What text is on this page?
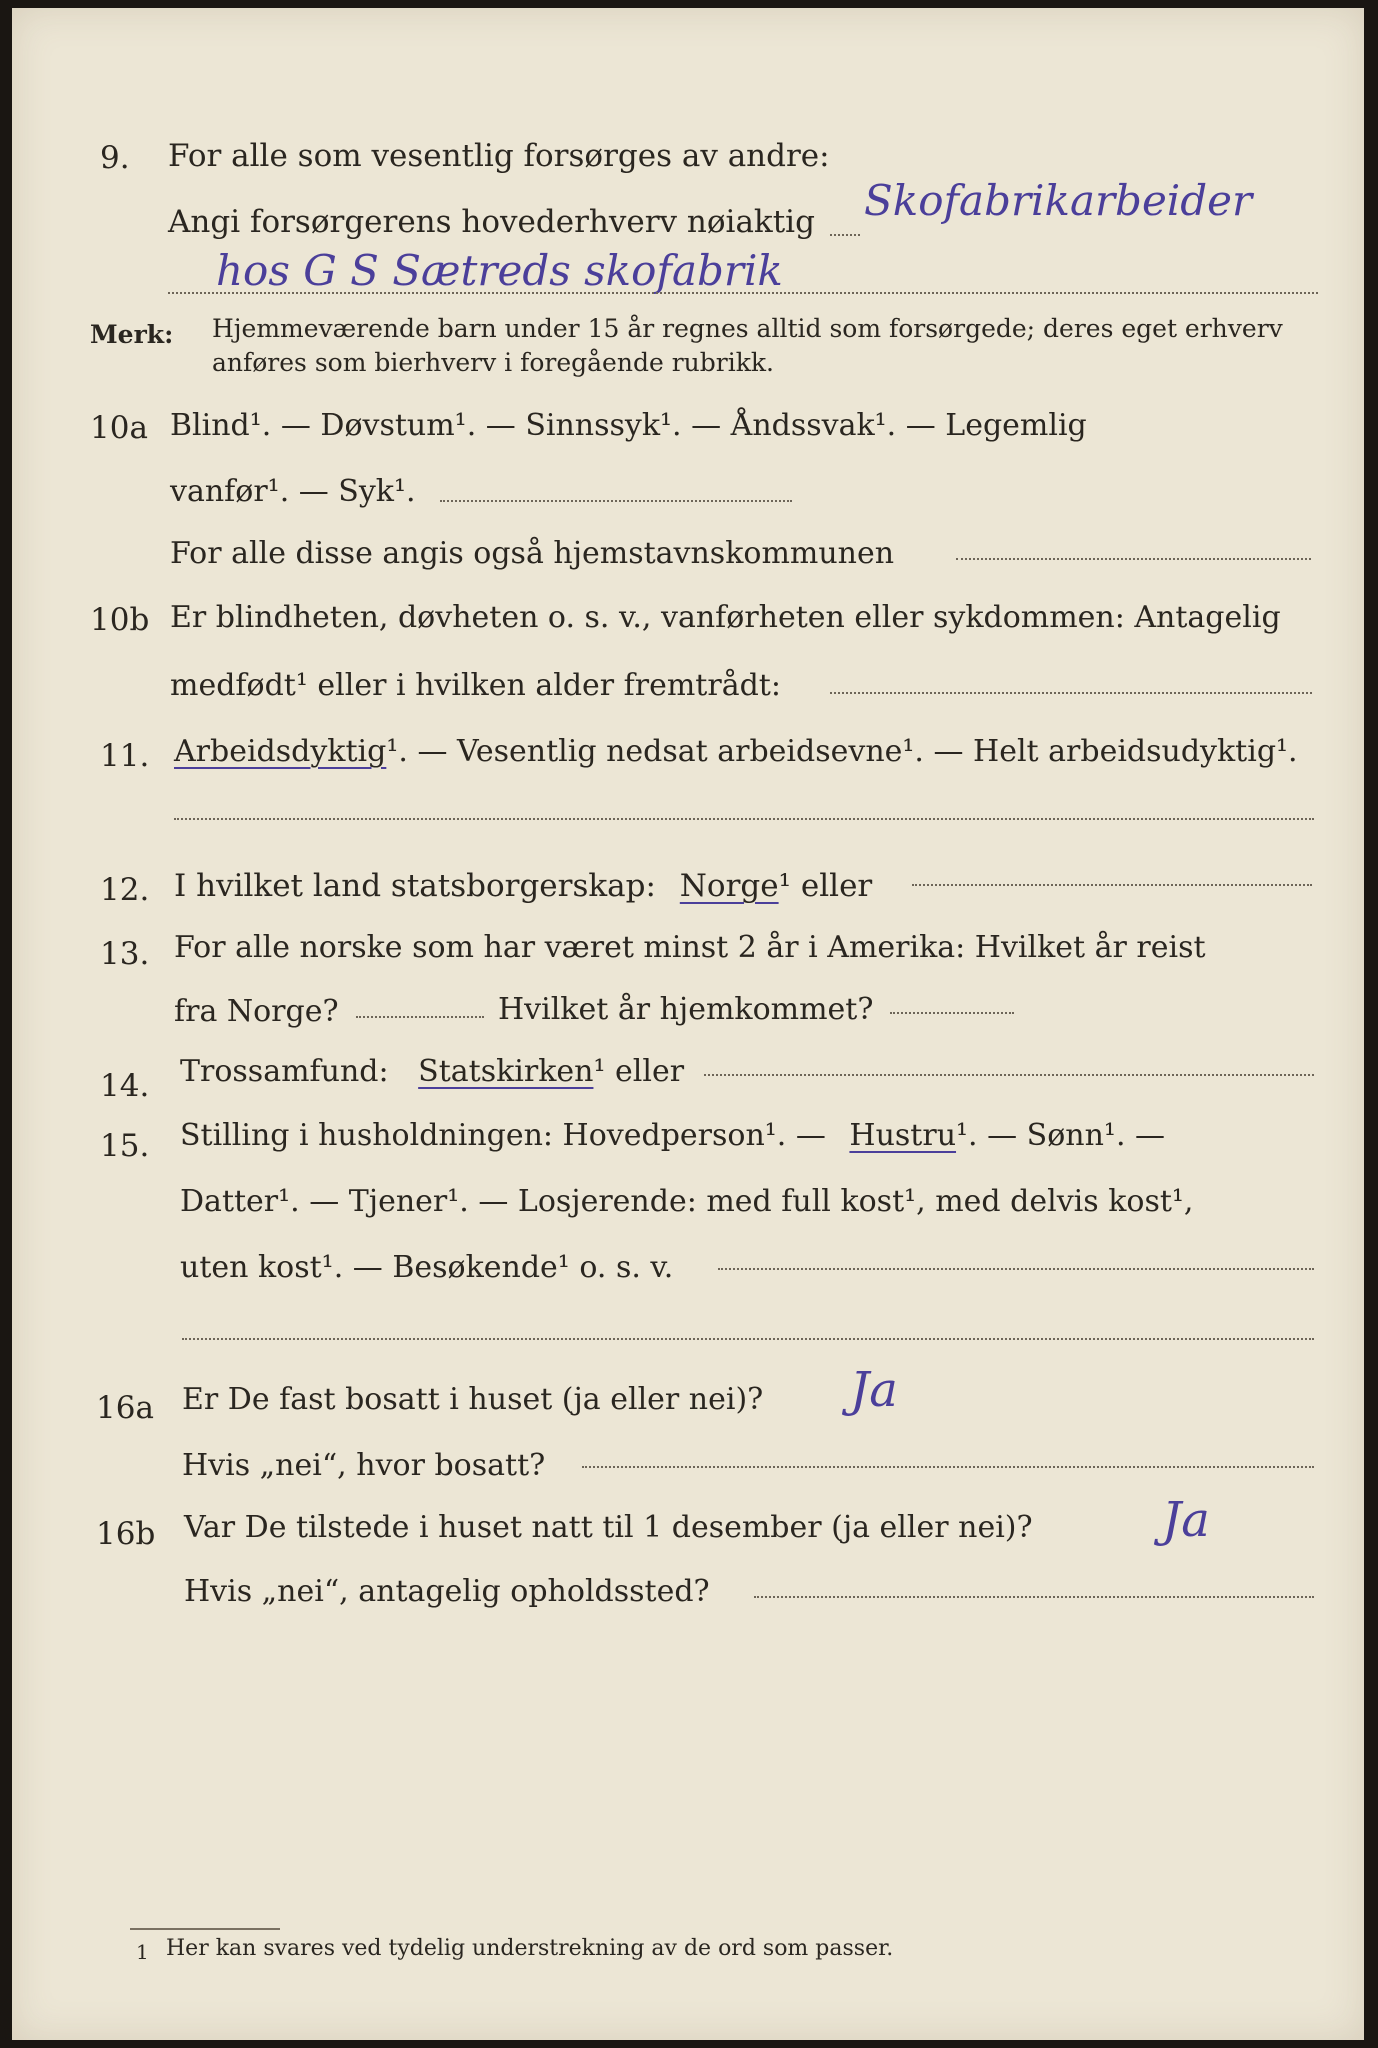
9. For alle som vesentlig forsørges av andre:
Angi forsørgerens hovederhverv nøiaktig Skofabrikarbeider
hos G S Sætreds skofabrik
Merk: Hjemmeværende barn under 15 år regnes alltid som forsørgede; deres eget erhverv
anføres som bierhverv i foregående rubrikk.
10a Blind¹. — Døvstum¹. — Sinnssyk¹. — Åndssvak¹. — Legemlig
vanfør¹. — Syk¹.
For alle disse angis også hjemstavnskommunen
10b Er blindheten, døvheten o. s. v., vanførheten eller sykdommen: Antagelig
medfødt¹ eller i hvilken alder fremtrådt:
11. Arbeidsdyktig¹. — Vesentlig nedsat arbeidsevne¹. — Helt arbeidsudyktig¹.
12. I hvilket land statsborgerskap: Norge¹ eller
13. For alle norske som har været minst 2 år i Amerika: Hvilket år reist
fra Norge?	Hvilket år hjemkommet?
14. Trossamfund: Statskirken¹ eller
15. Stilling i husholdningen: Hovedperson¹. — Hustru¹. — Sønn¹. —
Datter¹. — Tjener¹. — Losjerende: med full kost¹, med delvis kost¹,
uten kost¹. — Besøkende¹ o. s. v.
16a Er De fast bosatt i huset (ja eller nei)? Ja
Hvis „nei“, hvor bosatt?
16b Var De tilstede i huset natt til 1 desember (ja eller nei)?	Ja
Hvis „nei“, antagelig opholdssted?
1 Her kan svares ved tydelig understrekning av de ord som passer.
